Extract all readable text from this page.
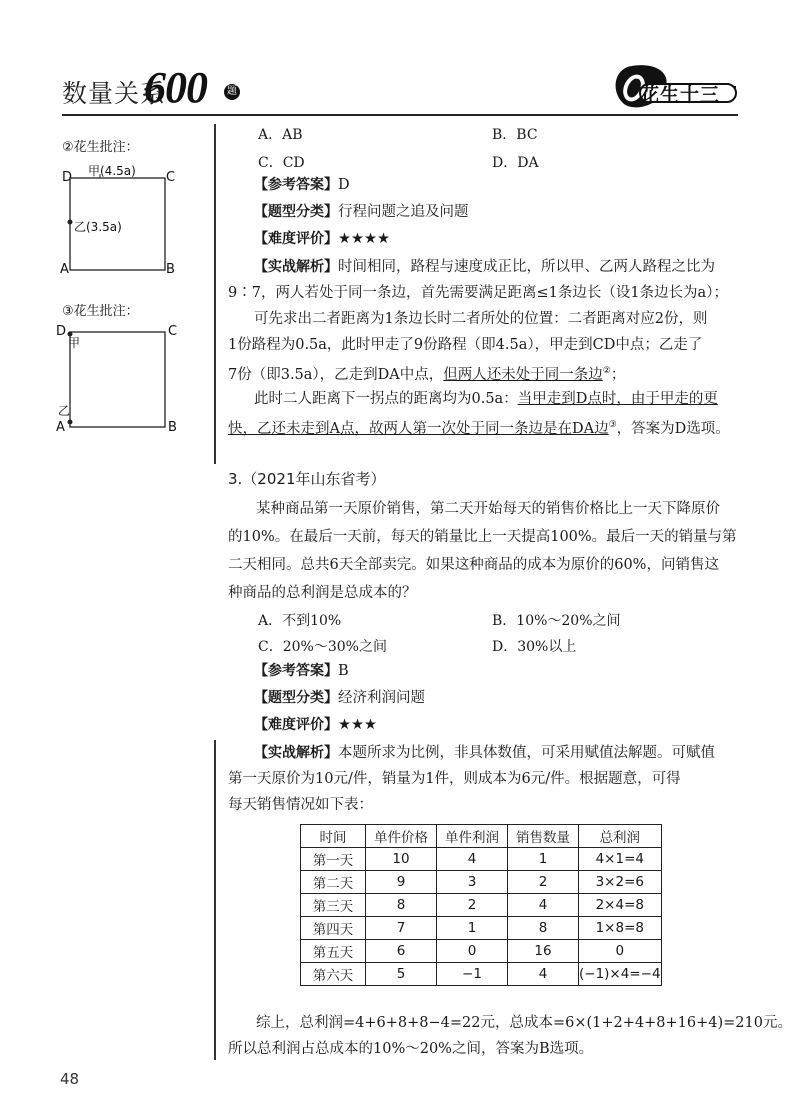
数量关系
600	题	花生十三
②花生批注：
D	C
A	B
甲(4.5a)
乙(3.5a)
③花生批注：
D	C
A	B
甲
乙
A．AB	B．BC
C．CD	D．DA
【参考答案】D
【题型分类】行程问题之追及问题
【难度评价】★★★★
【实战解析】时间相同，路程与速度成正比，所以甲、乙两人路程之比为
9∶7，两人若处于同一条边，首先需要满足距离≤1条边长（设1条边长为a）；
可先求出二者距离为1条边长时二者所处的位置：二者距离对应2份，则
1份路程为0.5a，此时甲走了9份路程（即4.5a），甲走到CD中点；乙走了
7份（即3.5a），乙走到DA中点，但两人还未处于同一条边②；
此时二人距离下一拐点的距离均为0.5a：当甲走到D点时，由于甲走的更
快，乙还未走到A点，故两人第一次处于同一条边是在DA边③，答案为D选项。
3.（2021年山东省考）
某种商品第一天原价销售，第二天开始每天的销售价格比上一天下降原价
的10%。在最后一天前，每天的销量比上一天提高100%。最后一天的销量与第
二天相同。总共6天全部卖完。如果这种商品的成本为原价的60%，问销售这
种商品的总利润是总成本的？
A．不到10%	B．10%～20%之间
C．20%～30%之间	D．30%以上
【参考答案】B
【题型分类】经济利润问题
【难度评价】★★★
【实战解析】本题所求为比例，非具体数值，可采用赋值法解题。可赋值
第一天原价为10元/件，销量为1件，则成本为6元/件。根据题意，可得
每天销售情况如下表：
时间	单件价格	单件利润	销售数量	总利润
第一天	10	4	1	4×1=4
第二天	9	3	2	3×2=6
第三天	8	2	4	2×4=8
第四天	7	1	8	1×8=8
第五天	6	0	16	0
第六天	5	−1	4	(−1)×4=−4
综上，总利润=4+6+8+8−4=22元，总成本=6×(1+2+4+8+16+4)=210元。
所以总利润占总成本的10%～20%之间，答案为B选项。
48
